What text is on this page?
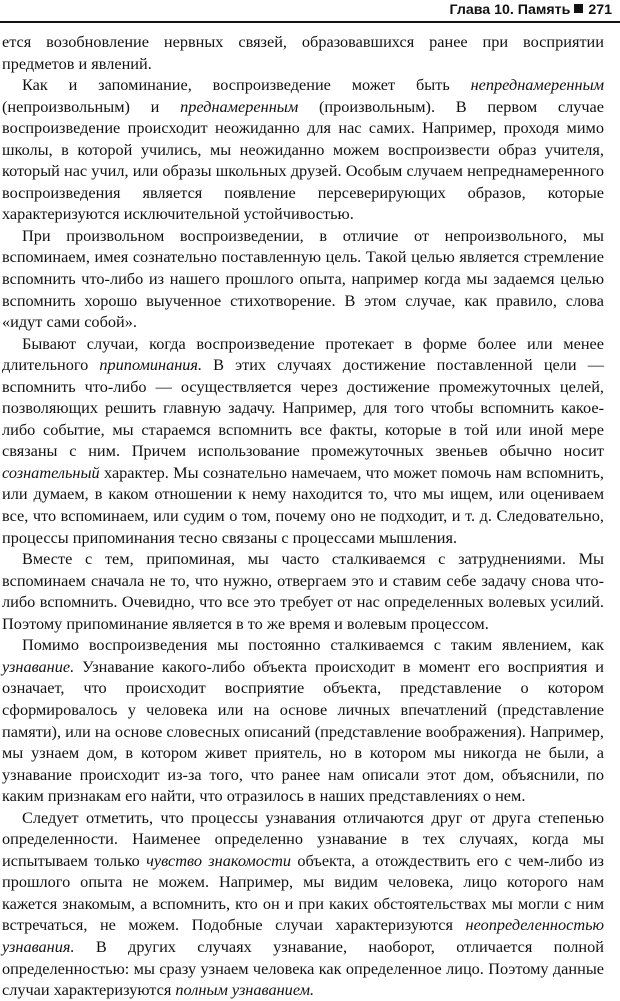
Глава 10. Память 271

ется возобновление нервных связей, образовавшихся ранее при восприятии предметов и явлений.

Как и запоминание, воспроизведение может быть непреднамеренным (непроизвольным) и преднамеренным (произвольным). В первом случае воспроизведение происходит неожиданно для нас самих. Например, проходя мимо школы, в которой учились, мы неожиданно можем воспроизвести образ учителя, который нас учил, или образы школьных друзей. Особым случаем непреднамеренного воспроизведения является появление персеверирующих образов, которые характеризуются исключительной устойчивостью.

При произвольном воспроизведении, в отличие от непроизвольного, мы вспоминаем, имея сознательно поставленную цель. Такой целью является стремление вспомнить что-либо из нашего прошлого опыта, например когда мы задаемся целью вспомнить хорошо выученное стихотворение. В этом случае, как правило, слова «идут сами собой».

Бывают случаи, когда воспроизведение протекает в форме более или менее длительного припоминания. В этих случаях достижение поставленной цели — вспомнить что-либо — осуществляется через достижение промежуточных целей, позволяющих решить главную задачу. Например, для того чтобы вспомнить какое-либо событие, мы стараемся вспомнить все факты, которые в той или иной мере связаны с ним. Причем использование промежуточных звеньев обычно носит сознательный характер. Мы сознательно намечаем, что может помочь нам вспомнить, или думаем, в каком отношении к нему находится то, что мы ищем, или оцениваем все, что вспоминаем, или судим о том, почему оно не подходит, и т. д. Следовательно, процессы припоминания тесно связаны с процессами мышления.

Вместе с тем, припоминая, мы часто сталкиваемся с затруднениями. Мы вспоминаем сначала не то, что нужно, отвергаем это и ставим себе задачу снова что-либо вспомнить. Очевидно, что все это требует от нас определенных волевых усилий. Поэтому припоминание является в то же время и волевым процессом.

Помимо воспроизведения мы постоянно сталкиваемся с таким явлением, как узнавание. Узнавание какого-либо объекта происходит в момент его восприятия и означает, что происходит восприятие объекта, представление о котором сформировалось у человека или на основе личных впечатлений (представление памяти), или на основе словесных описаний (представление воображения). Например, мы узнаем дом, в котором живет приятель, но в котором мы никогда не были, а узнавание происходит из-за того, что ранее нам описали этот дом, объяснили, по каким признакам его найти, что отразилось в наших представлениях о нем.

Следует отметить, что процессы узнавания отличаются друг от друга степенью определенности. Наименее определенно узнавание в тех случаях, когда мы испытываем только чувство знакомости объекта, а отождествить его с чем-либо из прошлого опыта не можем. Например, мы видим человека, лицо которого нам кажется знакомым, а вспомнить, кто он и при каких обстоятельствах мы могли с ним встречаться, не можем. Подобные случаи характеризуются неопределенностью узнавания. В других случаях узнавание, наоборот, отличается полной определенностью: мы сразу узнаем человека как определенное лицо. Поэтому данные случаи характеризуются полным узнаванием.
